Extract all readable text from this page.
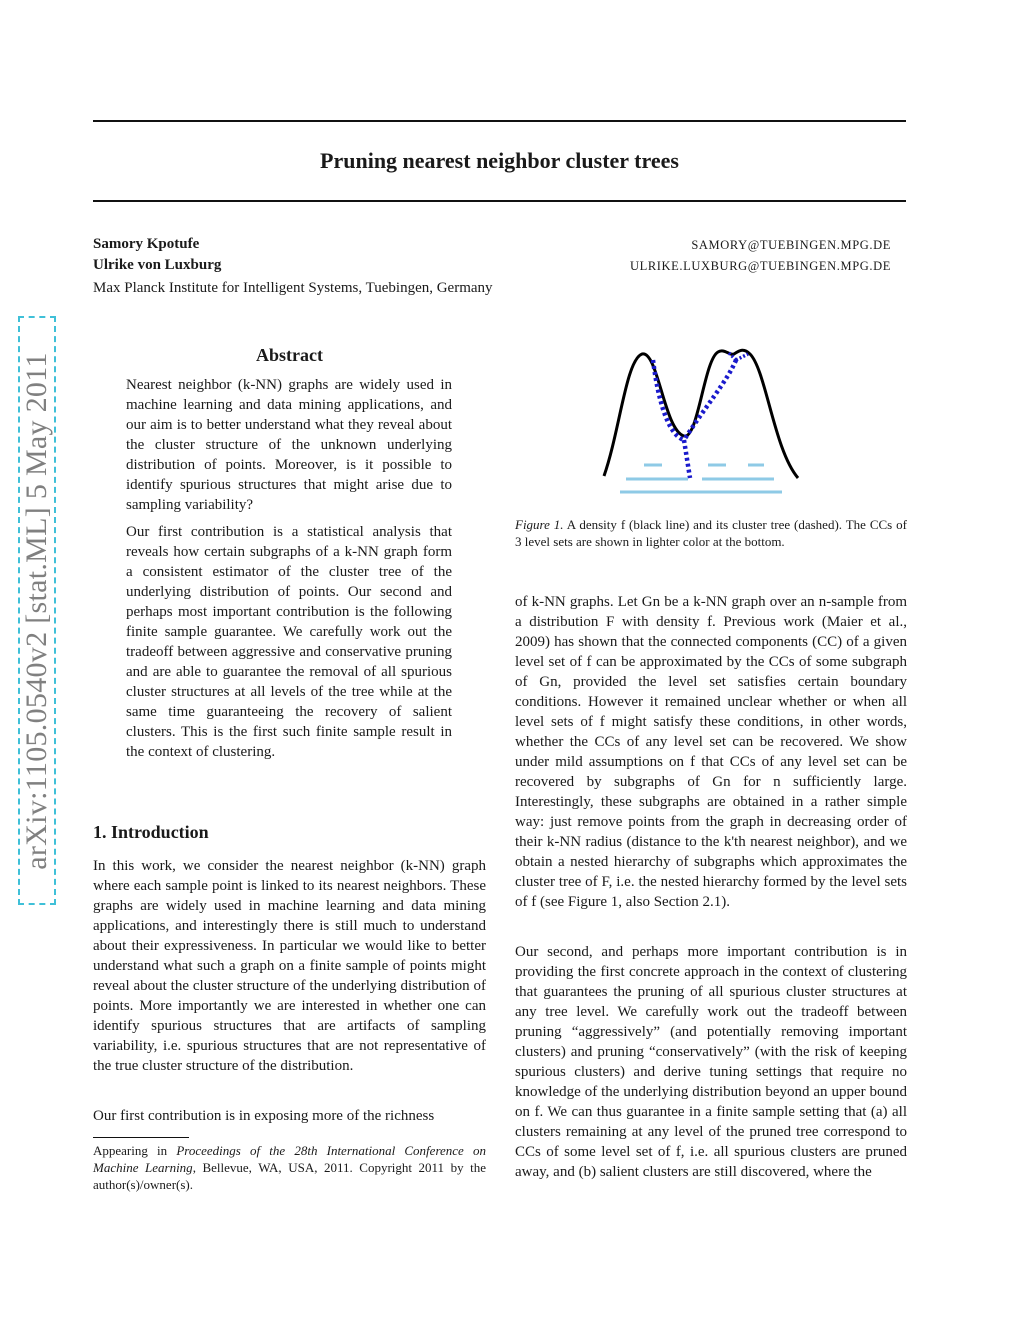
Pruning nearest neighbor cluster trees
Samory Kpotufe	SAMORY@TUEBINGEN.MPG.DE
Ulrike von Luxburg	ULRIKE.LUXBURG@TUEBINGEN.MPG.DE
Max Planck Institute for Intelligent Systems, Tuebingen, Germany
arXiv:1105.0540v2 [stat.ML] 5 May 2011	Abstract
Nearest neighbor (k-NN) graphs are widely used in machine learning and data mining applications, and our aim is to better understand what they reveal about the cluster structure of the unknown underlying distribution of points. Moreover, is it possible to identify spurious structures that might arise due to sampling variability?
Our first contribution is a statistical analysis that reveals how certain subgraphs of a k-NN graph form a consistent estimator of the cluster tree of the underlying distribution of points. Our second and perhaps most important contribution is the following finite sample guarantee. We carefully work out the tradeoff between aggressive and conservative pruning and are able to guarantee the removal of all spurious cluster structures at all levels of the tree while at the same time guaranteeing the recovery of salient clusters. This is the first such finite sample result in the context of clustering.
1. Introduction
In this work, we consider the nearest neighbor (k-NN) graph where each sample point is linked to its nearest neighbors. These graphs are widely used in machine learning and data mining applications, and interestingly there is still much to understand about their expressiveness. In particular we would like to better understand what such a graph on a finite sample of points might reveal about the cluster structure of the underlying distribution of points. More importantly we are interested in whether one can identify spurious structures that are artifacts of sampling variability, i.e. spurious structures that are not representative of the true cluster structure of the distribution.
Our first contribution is in exposing more of the richness
Appearing in Proceedings of the 28th International Conference on Machine Learning, Bellevue, WA, USA, 2011. Copyright 2011 by the author(s)/owner(s).
Figure 1. A density f (black line) and its cluster tree (dashed). The CCs of 3 level sets are shown in lighter color at the bottom.
of k-NN graphs. Let Gn be a k-NN graph over an n-sample from a distribution F with density f. Previous work (Maier et al., 2009) has shown that the connected components (CC) of a given level set of f can be approximated by the CCs of some subgraph of Gn, provided the level set satisfies certain boundary conditions. However it remained unclear whether or when all level sets of f might satisfy these conditions, in other words, whether the CCs of any level set can be recovered. We show under mild assumptions on f that CCs of any level set can be recovered by subgraphs of Gn for n sufficiently large. Interestingly, these subgraphs are obtained in a rather simple way: just remove points from the graph in decreasing order of their k-NN radius (distance to the k'th nearest neighbor), and we obtain a nested hierarchy of subgraphs which approximates the cluster tree of F, i.e. the nested hierarchy formed by the level sets of f (see Figure 1, also Section 2.1).
Our second, and perhaps more important contribution is in providing the first concrete approach in the context of clustering that guarantees the pruning of all spurious cluster structures at any tree level. We carefully work out the tradeoff between pruning “aggressively” (and potentially removing important clusters) and pruning “conservatively” (with the risk of keeping spurious clusters) and derive tuning settings that require no knowledge of the underlying distribution beyond an upper bound on f. We can thus guarantee in a finite sample setting that (a) all clusters remaining at any level of the pruned tree correspond to CCs of some level set of f, i.e. all spurious clusters are pruned away, and (b) salient clusters are still discovered, where the
